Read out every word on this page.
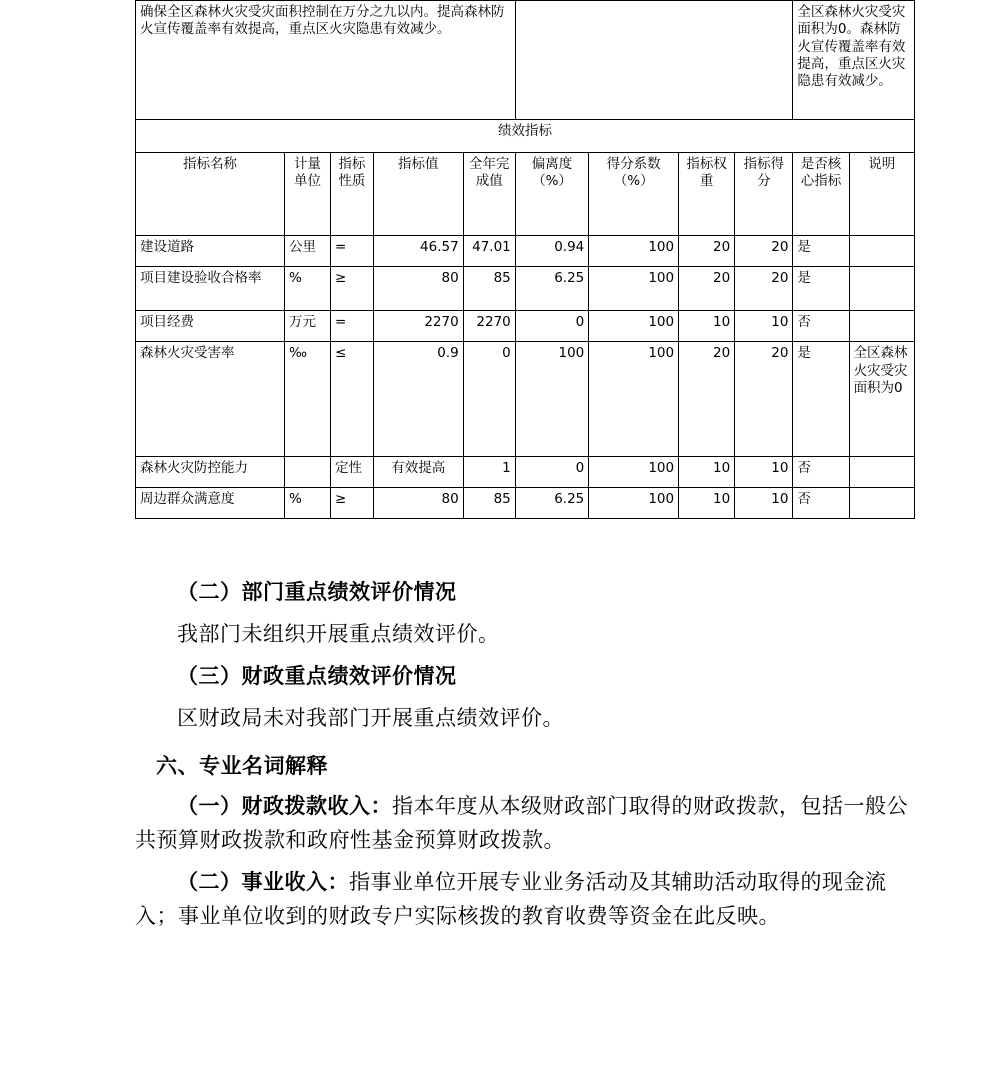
确保全区森林火灾受灾面积控制在万分之九以内。提高森林防火宣传覆盖率有效提高，重点区火灾隐患有效减少。									全区森林火灾受灾面积为0。森林防火宣传覆盖率有效提高，重点区火灾隐患有效减少。	
绩效指标										
指标名称	计量单位	指标性质	指标值	全年完成值	偏离度（%）	得分系数（%）	指标权重	指标得分	是否核心指标	说明
建设道路	公里	=	46.57	47.01	0.94	100	20	20	是	
项目建设验收合格率	%	≥	80	85	6.25	100	20	20	是	
项目经费	万元	=	2270	2270	0	100	10	10	否	
森林火灾受害率	‰	≤	0.9	0	100	100	20	20	是	全区森林火灾受灾面积为0
森林火灾防控能力		定性	有效提高	1	0	100	10	10	否	
周边群众满意度	%	≥	80	85	6.25	100	10	10	否	

（二）部门重点绩效评价情况

我部门未组织开展重点绩效评价。

（三）财政重点绩效评价情况

区财政局未对我部门开展重点绩效评价。

六、专业名词解释

（一）财政拨款收入：指本年度从本级财政部门取得的财政拨款，包括一般公共预算财政拨款和政府性基金预算财政拨款。

（二）事业收入：指事业单位开展专业业务活动及其辅助活动取得的现金流入；事业单位收到的财政专户实际核拨的教育收费等资金在此反映。
